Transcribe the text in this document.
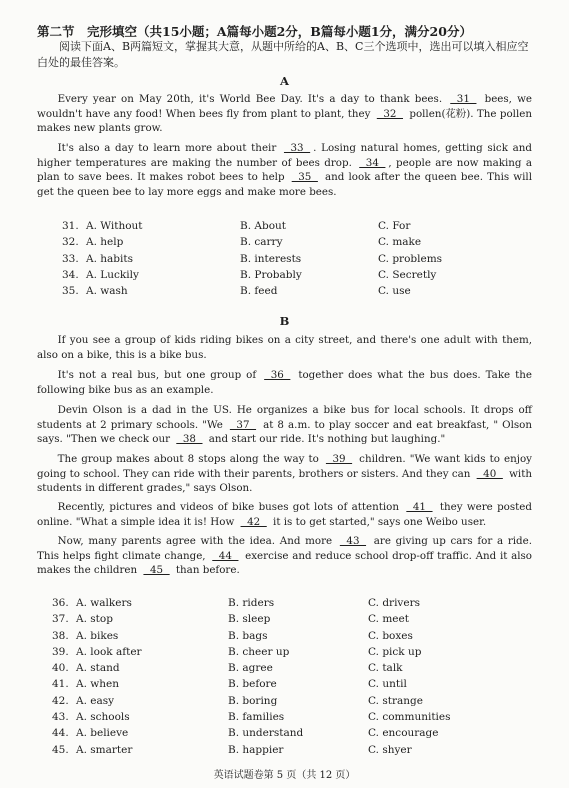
第二节　完形填空（共15小题；A篇每小题2分，B篇每小题1分，满分20分）
阅读下面A、B两篇短文，掌握其大意，从题中所给的A、B、C三个选项中，选出可以填入相应空白处的最佳答案。
A

Every year on May 20th, it's World Bee Day. It's a day to thank bees.   31   bees, we wouldn't have any food! When bees fly from plant to plant, they   32   pollen(花粉). The pollen makes new plants grow.

It's also a day to learn more about their   33  . Losing natural homes, getting sick and higher temperatures are making the number of bees drop.   34  , people are now making a plan to save bees. It makes robot bees to help   35   and look after the queen bee. This will get the queen bee to lay more eggs and make more bees.

31. A. Without	B. About	C. For
32. A. help	B. carry	C. make
33. A. habits	B. interests	C. problems
34. A. Luckily	B. Probably	C. Secretly
35. A. wash	B. feed	C. use
B

If you see a group of kids riding bikes on a city street, and there's one adult with them, also on a bike, this is a bike bus.

It's not a real bus, but one group of   36   together does what the bus does. Take the following bike bus as an example.

Devin Olson is a dad in the US. He organizes a bike bus for local schools. It drops off students at 2 primary schools. "We   37   at 8 a.m. to play soccer and eat breakfast, " Olson says. "Then we check our   38   and start our ride. It's nothing but laughing."

The group makes about 8 stops along the way to   39   children. "We want kids to enjoy going to school. They can ride with their parents, brothers or sisters. And they can   40   with students in different grades," says Olson.

Recently, pictures and videos of bike buses got lots of attention   41   they were posted online. "What a simple idea it is! How   42   it is to get started," says one Weibo user.

Now, many parents agree with the idea. And more   43   are giving up cars for a ride. This helps fight climate change,   44   exercise and reduce school drop-off traffic. And it also makes the children   45   than before.

36. A. walkers	B. riders	C. drivers
37. A. stop	B. sleep	C. meet
38. A. bikes	B. bags	C. boxes
39. A. look after	B. cheer up	C. pick up
40. A. stand	B. agree	C. talk
41. A. when	B. before	C. until
42. A. easy	B. boring	C. strange
43. A. schools	B. families	C. communities
44. A. believe	B. understand	C. encourage
45. A. smarter	B. happier	C. shyer
英语试题卷第 5 页（共 12 页）
